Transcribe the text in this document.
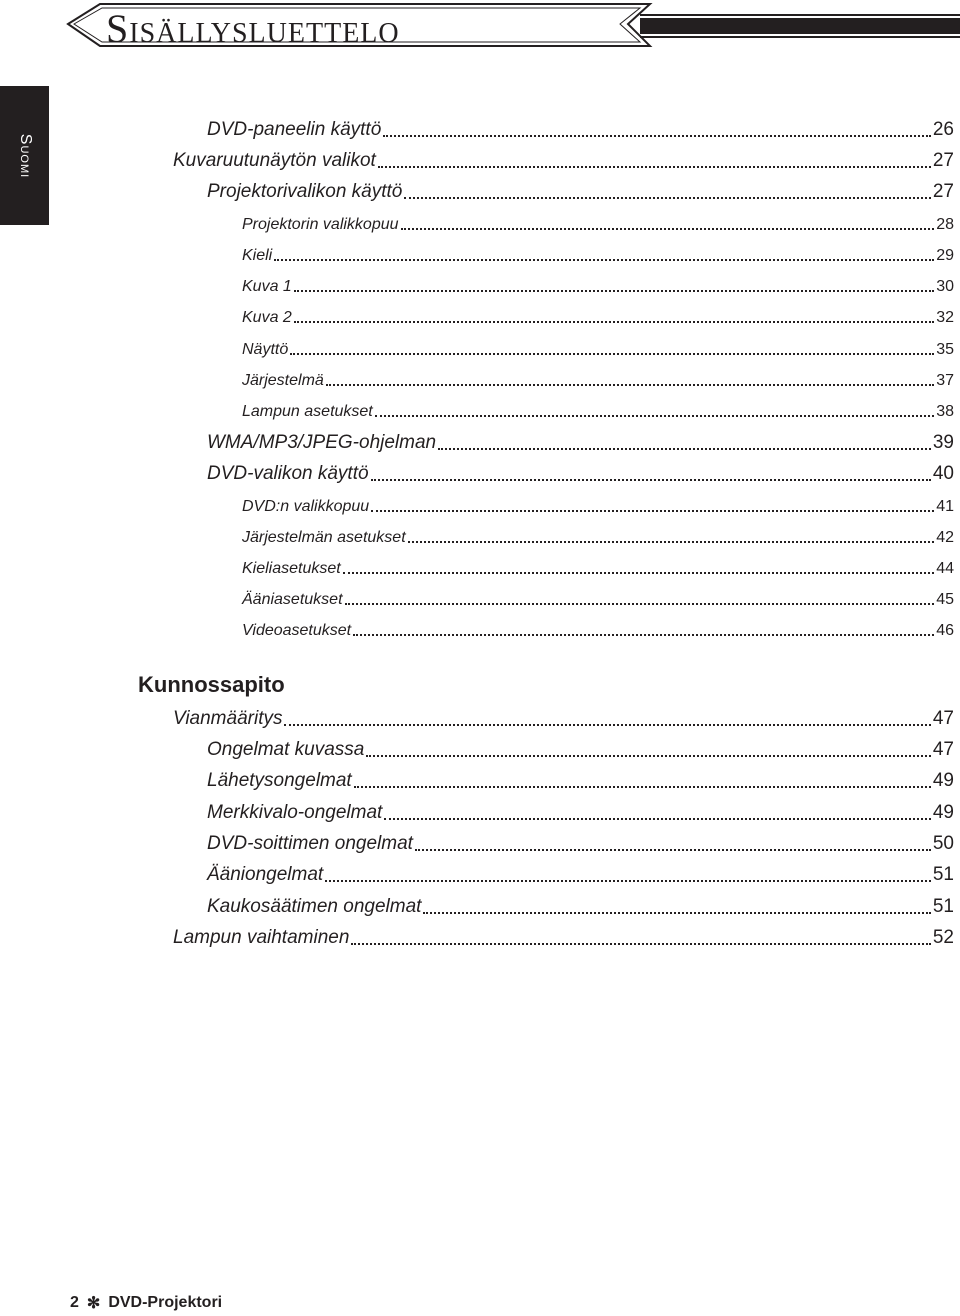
Sisällysluettelo
Suomi
DVD-paneelin käyttö	26
Kuvaruutunäytön valikot	27
Projektorivalikon käyttö	27
Projektorin valikkopuu	28
Kieli	29
Kuva 1	30
Kuva 2	32
Näyttö	35
Järjestelmä	37
Lampun asetukset	38
WMA/MP3/JPEG-ohjelman	39
DVD-valikon käyttö	40
DVD:n valikkopuu	41
Järjestelmän asetukset	42
Kieliasetukset	44
Ääniasetukset	45
Videoasetukset	46
Kunnossapito
Vianmääritys	47
Ongelmat kuvassa	47
Lähetysongelmat	49
Merkkivalo-ongelmat	49
DVD-soittimen ongelmat	50
Ääniongelmat	51
Kaukosäätimen ongelmat	51
Lampun vaihtaminen	52
2 ✻ DVD-Projektori
